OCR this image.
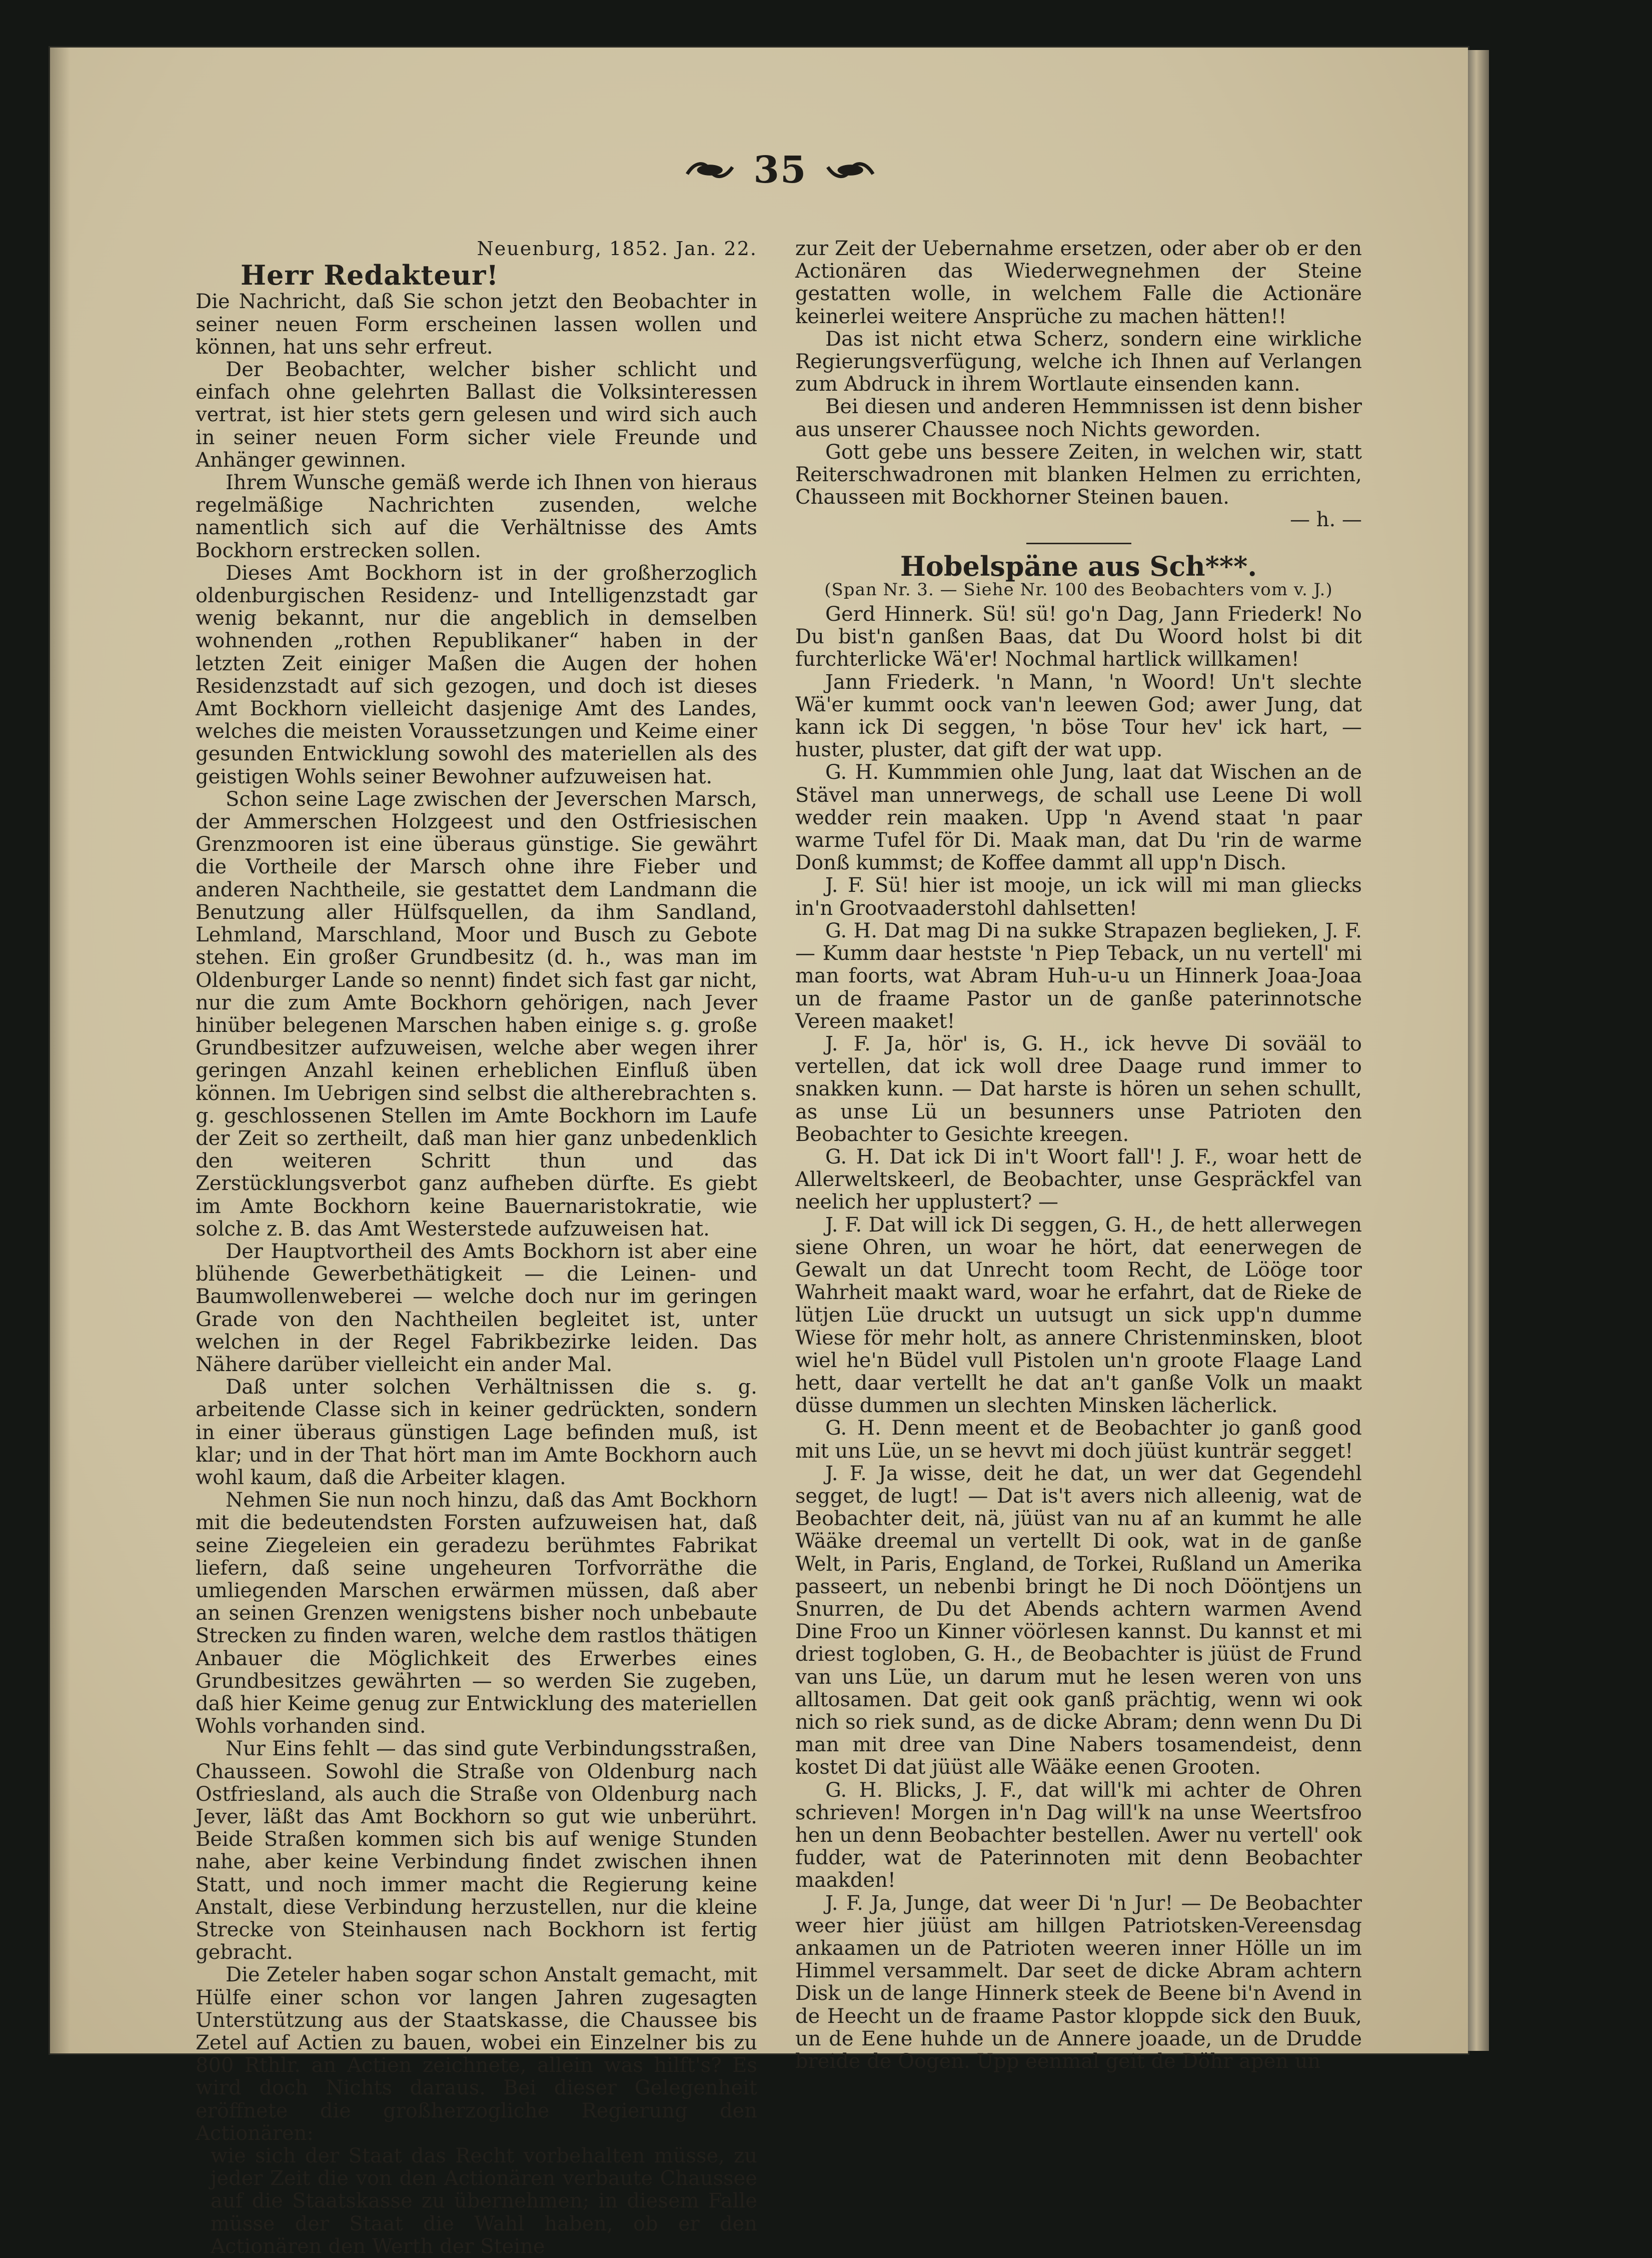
35
Neuenburg, 1852. Jan. 22.
Herr Redakteur!

Die Nachricht, daß Sie schon jetzt den Beobachter in seiner neuen Form erscheinen lassen wollen und können, hat uns sehr erfreut.

Der Beobachter, welcher bisher schlicht und einfach ohne gelehrten Ballast die Volksinteressen vertrat, ist hier stets gern gelesen und wird sich auch in seiner neuen Form sicher viele Freunde und Anhänger gewinnen.

Ihrem Wunsche gemäß werde ich Ihnen von hieraus regelmäßige Nachrichten zusenden, welche namentlich sich auf die Verhältnisse des Amts Bockhorn erstrecken sollen.

Dieses Amt Bockhorn ist in der großherzoglich oldenburgischen Residenz- und Intelligenzstadt gar wenig bekannt, nur die angeblich in demselben wohnenden „rothen Republikaner“ haben in der letzten Zeit einiger Maßen die Augen der hohen Residenzstadt auf sich gezogen, und doch ist dieses Amt Bockhorn vielleicht dasjenige Amt des Landes, welches die meisten Voraussetzungen und Keime einer gesunden Entwicklung sowohl des materiellen als des geistigen Wohls seiner Bewohner aufzuweisen hat.

Schon seine Lage zwischen der Jeverschen Marsch, der Ammerschen Holzgeest und den Ostfriesischen Grenzmooren ist eine überaus günstige. Sie gewährt die Vortheile der Marsch ohne ihre Fieber und anderen Nachtheile, sie gestattet dem Landmann die Benutzung aller Hülfsquellen, da ihm Sandland, Lehmland, Marschland, Moor und Busch zu Gebote stehen. Ein großer Grundbesitz (d. h., was man im Oldenburger Lande so nennt) findet sich fast gar nicht, nur die zum Amte Bockhorn gehörigen, nach Jever hinüber belegenen Marschen haben einige s. g. große Grundbesitzer aufzuweisen, welche aber wegen ihrer geringen Anzahl keinen erheblichen Einfluß üben können. Im Uebrigen sind selbst die altherebrachten s. g. geschlossenen Stellen im Amte Bockhorn im Laufe der Zeit so zertheilt, daß man hier ganz unbedenklich den weiteren Schritt thun und das Zerstücklungsverbot ganz aufheben dürfte. Es giebt im Amte Bockhorn keine Bauernaristokratie, wie solche z. B. das Amt Westerstede aufzuweisen hat.

Der Hauptvortheil des Amts Bockhorn ist aber eine blühende Gewerbethätigkeit — die Leinen- und Baumwollenweberei — welche doch nur im geringen Grade von den Nachtheilen begleitet ist, unter welchen in der Regel Fabrikbezirke leiden. Das Nähere darüber vielleicht ein ander Mal.

Daß unter solchen Verhältnissen die s. g. arbeitende Classe sich in keiner gedrückten, sondern in einer überaus günstigen Lage befinden muß, ist klar; und in der That hört man im Amte Bockhorn auch wohl kaum, daß die Arbeiter klagen.

Nehmen Sie nun noch hinzu, daß das Amt Bockhorn mit die bedeutendsten Forsten aufzuweisen hat, daß seine Ziegeleien ein geradezu berühmtes Fabrikat liefern, daß seine ungeheuren Torfvorräthe die umliegenden Marschen erwärmen müssen, daß aber an seinen Grenzen wenigstens bisher noch unbebaute Strecken zu finden waren, welche dem rastlos thätigen Anbauer die Möglichkeit des Erwerbes eines Grundbesitzes gewährten — so werden Sie zugeben, daß hier Keime genug zur Entwicklung des materiellen Wohls vorhanden sind.

Nur Eins fehlt — das sind gute Verbindungsstraßen, Chausseen. Sowohl die Straße von Oldenburg nach Ostfriesland, als auch die Straße von Oldenburg nach Jever, läßt das Amt Bockhorn so gut wie unberührt. Beide Straßen kommen sich bis auf wenige Stunden nahe, aber keine Verbindung findet zwischen ihnen Statt, und noch immer macht die Regierung keine Anstalt, diese Verbindung herzustellen, nur die kleine Strecke von Steinhausen nach Bockhorn ist fertig gebracht.

Die Zeteler haben sogar schon Anstalt gemacht, mit Hülfe einer schon vor langen Jahren zugesagten Unterstützung aus der Staatskasse, die Chaussee bis Zetel auf Actien zu bauen, wobei ein Einzelner bis zu 800 Rthlr. an Actien zeichnete, allein was hilft's? Es wird doch Nichts daraus. Bei dieser Gelegenheit eröffnete die großherzogliche Regierung den Actionären:

wie sich der Staat das Recht vorbehalten müsse, zu jeder Zeit die von den Actionären verbaute Chaussee auf die Staatskasse zu übernehmen; in diesem Falle müsse der Staat die Wahl haben, ob er den Actionären den Werth der Steine

zur Zeit der Uebernahme ersetzen, oder aber ob er den Actionären das Wiederwegnehmen der Steine gestatten wolle, in welchem Falle die Actionäre keinerlei weitere Ansprüche zu machen hätten!!

Das ist nicht etwa Scherz, sondern eine wirkliche Regierungsverfügung, welche ich Ihnen auf Verlangen zum Abdruck in ihrem Wortlaute einsenden kann.

Bei diesen und anderen Hemmnissen ist denn bisher aus unserer Chaussee noch Nichts geworden.

Gott gebe uns bessere Zeiten, in welchen wir, statt Reiterschwadronen mit blanken Helmen zu errichten, Chausseen mit Bockhorner Steinen bauen.

— h. —
Hobelspäne aus Sch***.
(Span Nr. 3. — Siehe Nr. 100 des Beobachters vom v. J.)

Gerd Hinnerk. Sü! sü! go'n Dag, Jann Friederk! No Du bist'n ganßen Baas, dat Du Woord holst bi dit furchterlicke Wä'er! Nochmal hartlick willkamen!

Jann Friederk. 'n Mann, 'n Woord! Un't slechte Wä'er kummt oock van'n leewen God; awer Jung, dat kann ick Di seggen, 'n böse Tour hev' ick hart, — huster, pluster, dat gift der wat upp.

G. H. Kummmien ohle Jung, laat dat Wischen an de Stävel man unnerwegs, de schall use Leene Di woll wedder rein maaken. Upp 'n Avend staat 'n paar warme Tufel för Di. Maak man, dat Du 'rin de warme Donß kummst; de Koffee dammt all upp'n Disch.

J. F. Sü! hier ist mooje, un ick will mi man gliecks in'n Grootvaaderstohl dahlsetten!

G. H. Dat mag Di na sukke Strapazen beglieken, J. F. — Kumm daar hestste 'n Piep Teback, un nu vertell' mi man foorts, wat Abram Huh-u-u un Hinnerk Joaa-Joaa un de fraame Pastor un de ganße paterinnotsche Vereen maaket!

J. F. Ja, hör' is, G. H., ick hevve Di sovääl to vertellen, dat ick woll dree Daage rund immer to snakken kunn. — Dat harste is hören un sehen schullt, as unse Lü un besunners unse Patrioten den Beobachter to Gesichte kreegen.

G. H. Dat ick Di in't Woort fall'! J. F., woar hett de Allerweltskeerl, de Beobachter, unse Gespräckfel van neelich her upplustert? —

J. F. Dat will ick Di seggen, G. H., de hett allerwegen siene Ohren, un woar he hört, dat eenerwegen de Gewalt un dat Unrecht toom Recht, de Lööge toor Wahrheit maakt ward, woar he erfahrt, dat de Rieke de lütjen Lüe druckt un uutsugt un sick upp'n dumme Wiese för mehr holt, as annere Christenminsken, bloot wiel he'n Büdel vull Pistolen un'n groote Flaage Land hett, daar vertellt he dat an't ganße Volk un maakt düsse dummen un slechten Minsken lächerlick.

G. H. Denn meent et de Beobachter jo ganß good mit uns Lüe, un se hevvt mi doch jüüst kunträr segget!

J. F. Ja wisse, deit he dat, un wer dat Gegendehl segget, de lugt! — Dat is't avers nich alleenig, wat de Beobachter deit, nä, jüüst van nu af an kummt he alle Wääke dreemal un vertellt Di ook, wat in de ganße Welt, in Paris, England, de Torkei, Rußland un Amerika passeert, un nebenbi bringt he Di noch Dööntjens un Snurren, de Du det Abends achtern warmen Avend Dine Froo un Kinner vöörlesen kannst. Du kannst et mi driest togloben, G. H., de Beobachter is jüüst de Frund van uns Lüe, un darum mut he lesen weren von uns alltosamen. Dat geit ook ganß prächtig, wenn wi ook nich so riek sund, as de dicke Abram; denn wenn Du Di man mit dree van Dine Nabers tosamendeist, denn kostet Di dat jüüst alle Wääke eenen Grooten.

G. H. Blicks, J. F., dat will'k mi achter de Ohren schrieven! Morgen in'n Dag will'k na unse Weertsfroo hen un denn Beobachter bestellen. Awer nu vertell' ook fudder, wat de Paterinnoten mit denn Beobachter maakden!

J. F. Ja, Junge, dat weer Di 'n Jur! — De Beobachter weer hier jüüst am hillgen Patriotsken-Vereensdag ankaamen un de Patrioten weeren inner Hölle un im Himmel versammelt. Dar seet de dicke Abram achtern Disk un de lange Hinnerk steek de Beene bi'n Avend in de Heecht un de fraame Pastor kloppde sick den Buuk, un de Eene huhde un de Annere joaade, un de Drudde breide de Oogen. Upp eenmal geit de Döhr apen un
